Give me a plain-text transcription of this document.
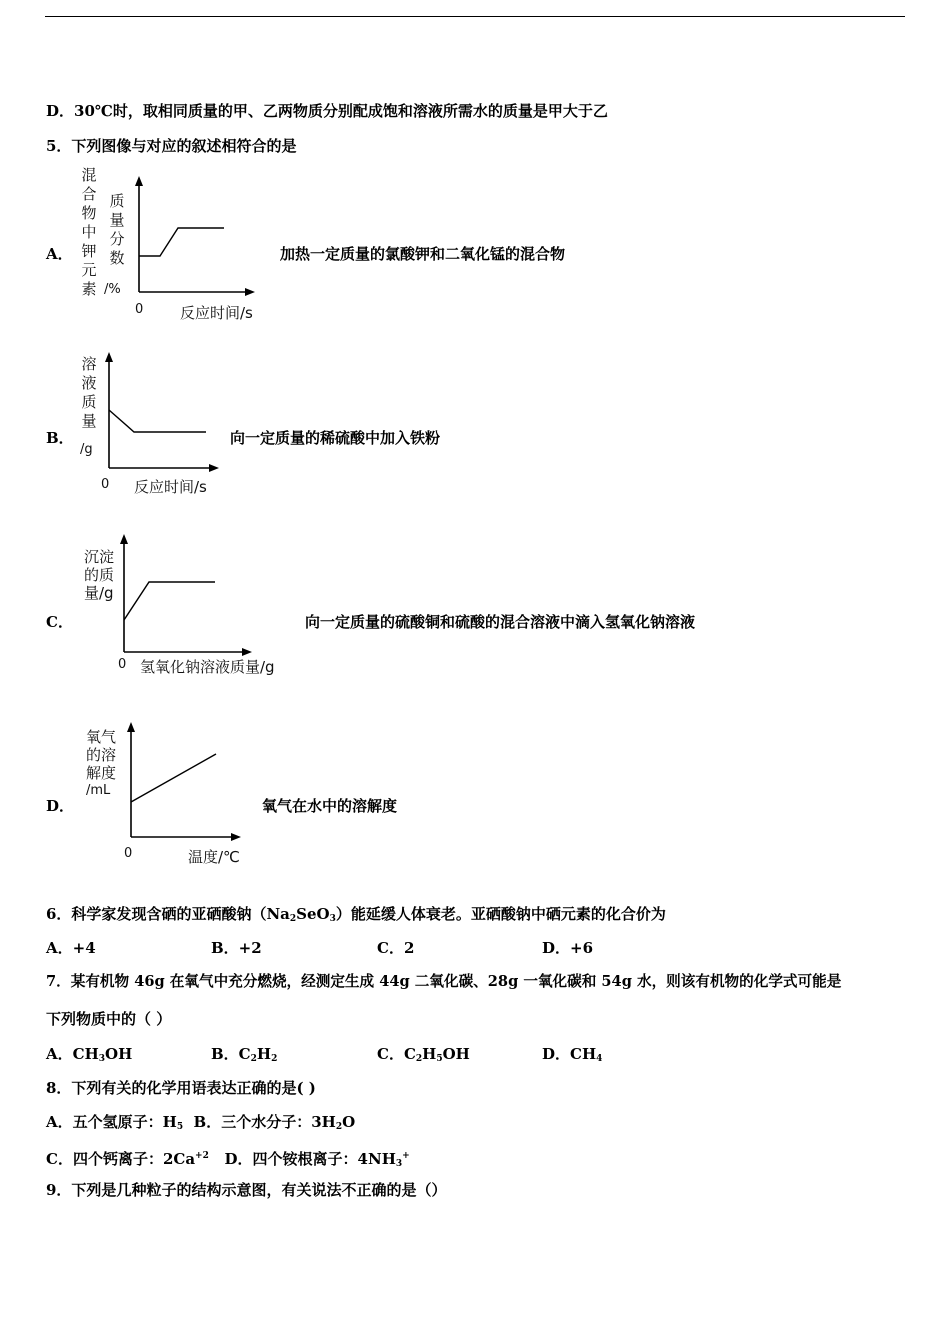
D．30℃时，取相同质量的甲、乙两物质分别配成饱和溶液所需水的质量是甲大于乙
5．下列图像与对应的叙述相符合的是
A．
混
合
物
中
钾
元
素
质
量
分
数
/%
0 反应时间/s
加热一定质量的氯酸钾和二氧化锰的混合物
B．
溶
液
质
量
/g
0 反应时间/s
向一定质量的稀硫酸中加入铁粉
C．
沉淀
的质
量/g
0 氢氧化钠溶液质量/g
向一定质量的硫酸铜和硫酸的混合溶液中滴入氢氧化钠溶液
D．
氧气
的溶
解度
/mL
0	温度/℃
氧气在水中的溶解度
6．科学家发现含硒的亚硒酸钠$(Na_2SeO_3)$能延缓人体衰老。亚硒酸钠中硒元素的化合价为
A．+4	B．+2	C．2	D．+6
7．某有机物 46g 在氧气中充分燃烧，经测定生成 44g 二氧化碳、28g 一氧化碳和 54g 水，则该有机物的化学式可能是
下列物质中的（ ）
A．$CH_3OH$	B．$C_2H_2$	C．$C_2H_5OH$	D．$CH_4$
8．下列有关的化学用语表达正确的是( )
A．五个氢原子：$H_5$ B．三个水分子：$3H_2O$
C．四个钙离子：$2Ca^{+2}$ D．四个铵根离子：$4NH_3^+$
9．下列是几种粒子的结构示意图，有关说法不正确的是（）
